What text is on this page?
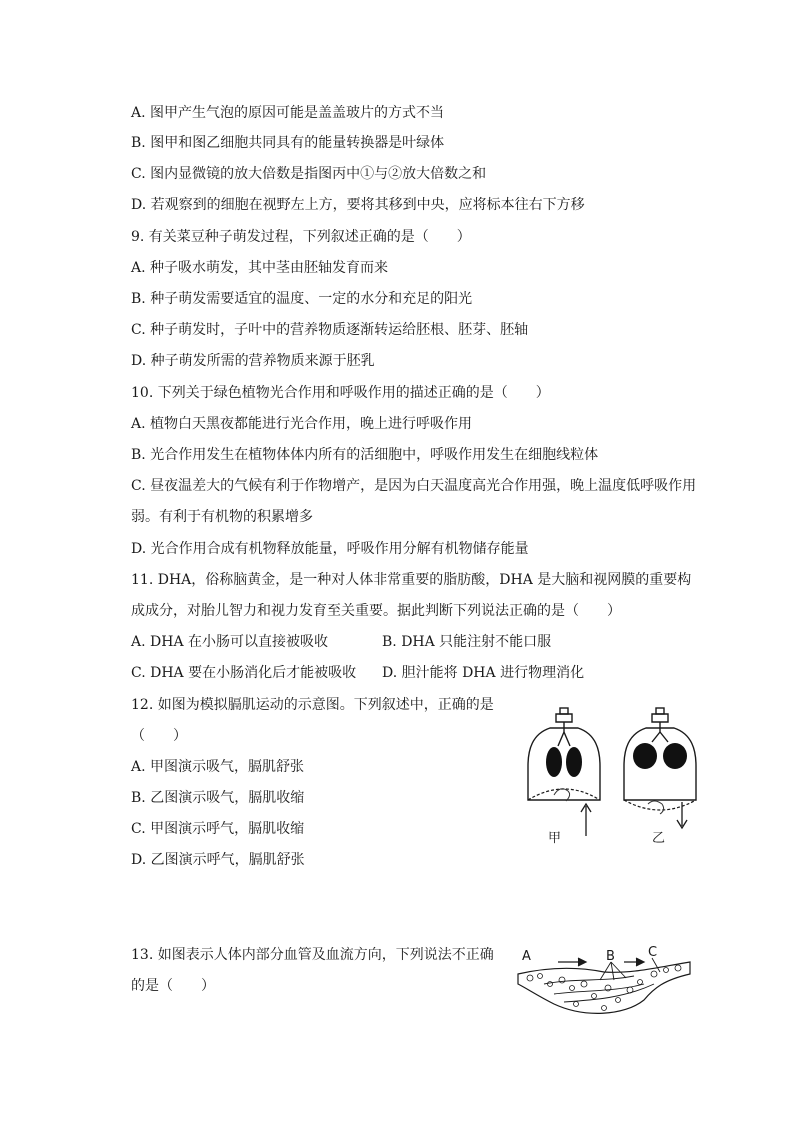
A. 图甲产生气泡的原因可能是盖盖玻片的方式不当
B. 图甲和图乙细胞共同具有的能量转换器是叶绿体
C. 图内显微镜的放大倍数是指图丙中①与②放大倍数之和
D. 若观察到的细胞在视野左上方，要将其移到中央，应将标本往右下方移
9. 有关菜豆种子萌发过程，下列叙述正确的是（　　）
A. 种子吸水萌发，其中茎由胚轴发育而来
B. 种子萌发需要适宜的温度、一定的水分和充足的阳光
C. 种子萌发时，子叶中的营养物质逐渐转运给胚根、胚芽、胚轴
D. 种子萌发所需的营养物质来源于胚乳
10. 下列关于绿色植物光合作用和呼吸作用的描述正确的是（　　）
A. 植物白天黑夜都能进行光合作用，晚上进行呼吸作用
B. 光合作用发生在植物体体内所有的活细胞中，呼吸作用发生在细胞线粒体
C. 昼夜温差大的气候有利于作物增产，是因为白天温度高光合作用强，晚上温度低呼吸作用
弱。有利于有机物的积累增多
D. 光合作用合成有机物释放能量，呼吸作用分解有机物储存能量
11. DHA，俗称脑黄金，是一种对人体非常重要的脂肪酸，DHA 是大脑和视网膜的重要构
成成分，对胎儿智力和视力发育至关重要。据此判断下列说法正确的是（　　）
A. DHA 在小肠可以直接被吸收	B. DHA 只能注射不能口服
C. DHA 要在小肠消化后才能被吸收 D. 胆汁能将 DHA 进行物理消化
12. 如图为模拟膈肌运动的示意图。下列叙述中，正确的是
（　　）
A. 甲图演示吸气，膈肌舒张
B. 乙图演示吸气，膈肌收缩
C. 甲图演示呼气，膈肌收缩
D. 乙图演示呼气，膈肌舒张
甲	乙
13. 如图表示人体内部分血管及血流方向，下列说法不正确
的是（　　）
A	B	C
